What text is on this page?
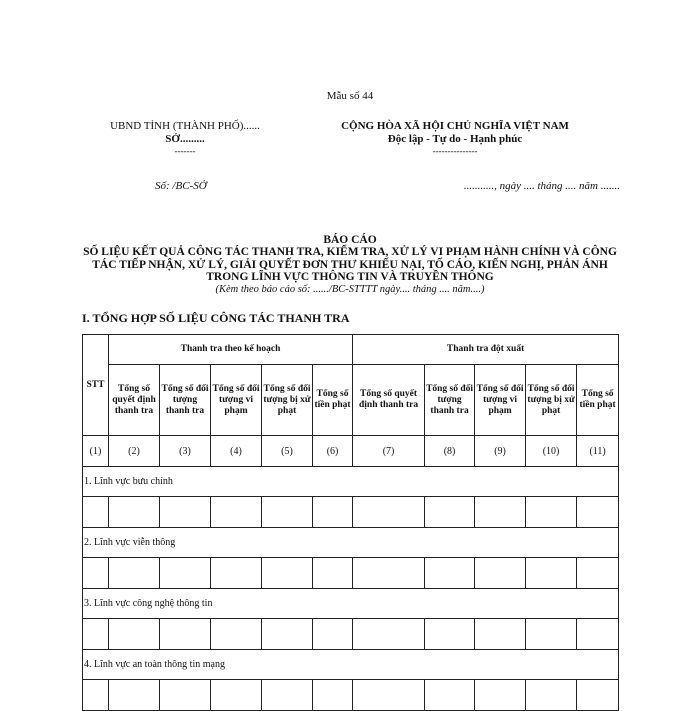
Mẫu số 44
UBND TỈNH (THÀNH PHỐ)......
SỞ.........
-------
CỘNG HÒA XÃ HỘI CHỦ NGHĨA VIỆT NAM
Độc lập - Tự do - Hạnh phúc
---------------
Số: /BC-SỞ	..........., ngày .... tháng .... năm .......
BÁO CÁO
SỐ LIỆU KẾT QUẢ CÔNG TÁC THANH TRA, KIỂM TRA, XỬ LÝ VI PHẠM HÀNH CHÍNH VÀ CÔNG
TÁC TIẾP NHẬN, XỬ LÝ, GIẢI QUYẾT ĐƠN THƯ KHIẾU NẠI, TỐ CÁO, KIẾN NGHỊ, PHẢN ÁNH
TRONG LĨNH VỰC THÔNG TIN VÀ TRUYỀN THÔNG
(Kèm theo báo cáo số: ....../BC-STTTT ngày.... tháng .... năm....)
I. TỔNG HỢP SỐ LIỆU CÔNG TÁC THANH TRA
STT	Thanh tra theo kế hoạch					Thanh tra đột xuất				
	Tổng số quyết định thanh tra	Tổng số đối tượng thanh tra	Tổng số đối tượng vi phạm	Tổng số đối tượng bị xử phạt	Tổng số tiền phạt	Tổng số quyết định thanh tra	Tổng số đối tượng thanh tra	Tổng số đối tượng vi phạm	Tổng số đối tượng bị xử phạt	Tổng số tiền phạt
(1)	(2)	(3)	(4)	(5)	(6)	(7)	(8)	(9)	(10)	(11)
1. Lĩnh vực bưu chính										

2. Lĩnh vực viễn thông										

3. Lĩnh vực công nghệ thông tin										

4. Lĩnh vực an toàn thông tin mạng										
